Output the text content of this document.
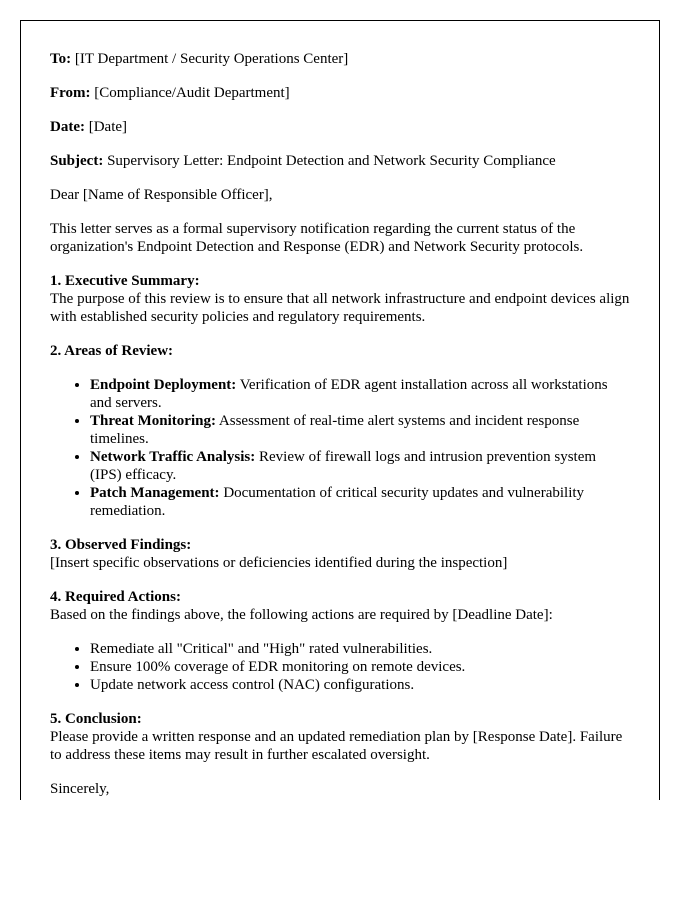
To: [IT Department / Security Operations Center]

From: [Compliance/Audit Department]

Date: [Date]

Subject: Supervisory Letter: Endpoint Detection and Network Security Compliance

Dear [Name of Responsible Officer],

This letter serves as a formal supervisory notification regarding the current status of the organization's Endpoint Detection and Response (EDR) and Network Security protocols.

1. Executive Summary:
The purpose of this review is to ensure that all network infrastructure and endpoint devices align with established security policies and regulatory requirements.

2. Areas of Review:

• Endpoint Deployment: Verification of EDR agent installation across all workstations and servers.
• Threat Monitoring: Assessment of real-time alert systems and incident response timelines.
• Network Traffic Analysis: Review of firewall logs and intrusion prevention system (IPS) efficacy.
• Patch Management: Documentation of critical security updates and vulnerability remediation.

3. Observed Findings:
[Insert specific observations or deficiencies identified during the inspection]

4. Required Actions:
Based on the findings above, the following actions are required by [Deadline Date]:

• Remediate all "Critical" and "High" rated vulnerabilities.
• Ensure 100% coverage of EDR monitoring on remote devices.
• Update network access control (NAC) configurations.

5. Conclusion:
Please provide a written response and an updated remediation plan by [Response Date]. Failure to address these items may result in further escalated oversight.

Sincerely,
